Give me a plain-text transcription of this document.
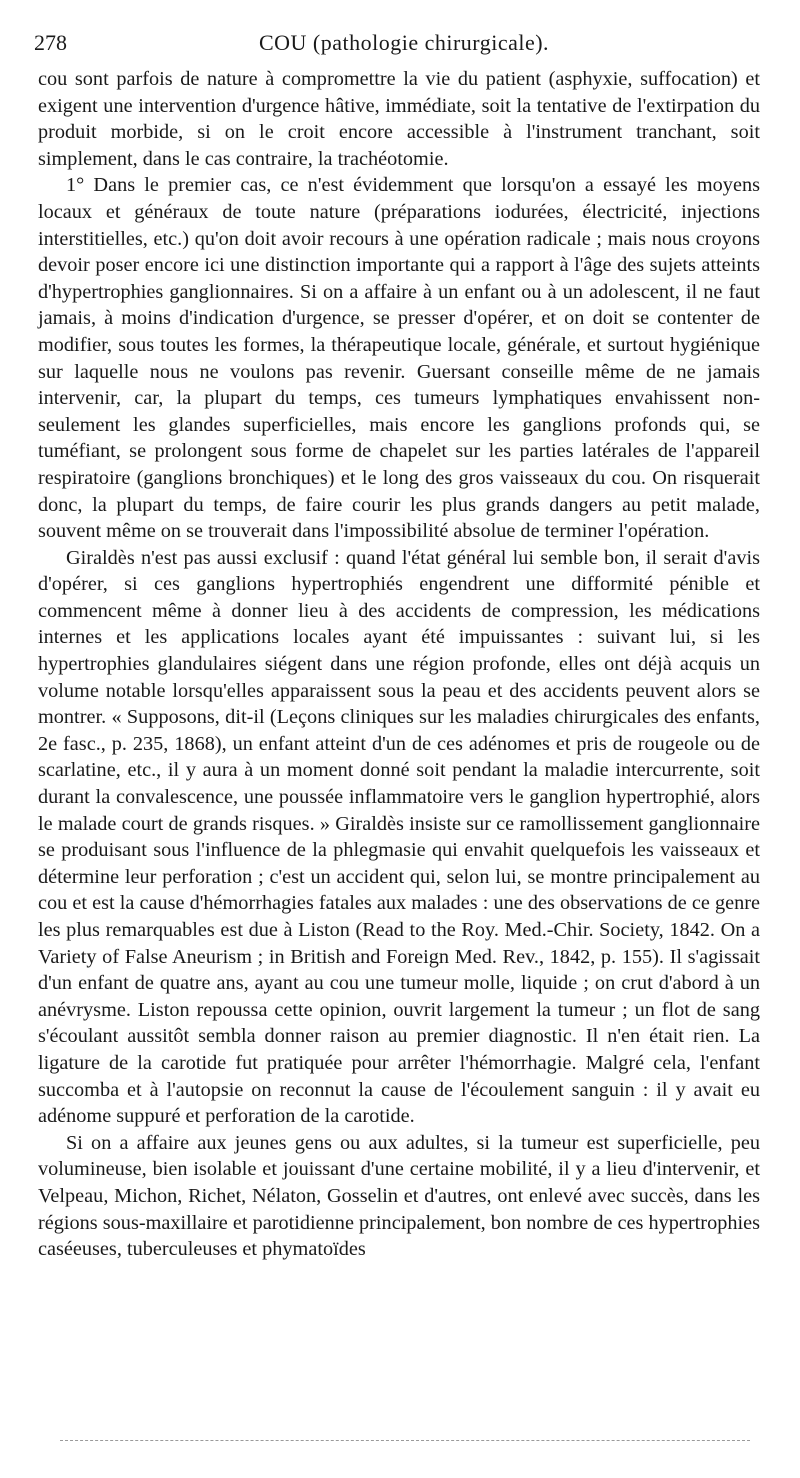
278	COU (pathologie chirurgicale).

cou sont parfois de nature à compromettre la vie du patient (asphyxie, suffocation) et exigent une intervention d'urgence hâtive, immédiate, soit la tentative de l'extirpation du produit morbide, si on le croit encore accessible à l'instrument tranchant, soit simplement, dans le cas contraire, la trachéotomie.

1° Dans le premier cas, ce n'est évidemment que lorsqu'on a essayé les moyens locaux et généraux de toute nature (préparations iodurées, électricité, injections interstitielles, etc.) qu'on doit avoir recours à une opération radicale ; mais nous croyons devoir poser encore ici une distinction importante qui a rapport à l'âge des sujets atteints d'hypertrophies ganglionnaires. Si on a affaire à un enfant ou à un adolescent, il ne faut jamais, à moins d'indication d'urgence, se presser d'opérer, et on doit se contenter de modifier, sous toutes les formes, la thérapeutique locale, générale, et surtout hygiénique sur laquelle nous ne voulons pas revenir. Guersant conseille même de ne jamais intervenir, car, la plupart du temps, ces tumeurs lymphatiques envahissent non-seulement les glandes superficielles, mais encore les ganglions profonds qui, se tuméfiant, se prolongent sous forme de chapelet sur les parties latérales de l'appareil respiratoire (ganglions bronchiques) et le long des gros vaisseaux du cou. On risquerait donc, la plupart du temps, de faire courir les plus grands dangers au petit malade, souvent même on se trouverait dans l'impossibilité absolue de terminer l'opération.

Giraldès n'est pas aussi exclusif : quand l'état général lui semble bon, il serait d'avis d'opérer, si ces ganglions hypertrophiés engendrent une difformité pénible et commencent même à donner lieu à des accidents de compression, les médications internes et les applications locales ayant été impuissantes : suivant lui, si les hypertrophies glandulaires siégent dans une région profonde, elles ont déjà acquis un volume notable lorsqu'elles apparaissent sous la peau et des accidents peuvent alors se montrer. « Supposons, dit-il (Leçons cliniques sur les maladies chirurgicales des enfants, 2e fasc., p. 235, 1868), un enfant atteint d'un de ces adénomes et pris de rougeole ou de scarlatine, etc., il y aura à un moment donné soit pendant la maladie intercurrente, soit durant la convalescence, une poussée inflammatoire vers le ganglion hypertrophié, alors le malade court de grands risques. » Giraldès insiste sur ce ramollissement ganglionnaire se produisant sous l'influence de la phlegmasie qui envahit quelquefois les vaisseaux et détermine leur perforation ; c'est un accident qui, selon lui, se montre principalement au cou et est la cause d'hémorrhagies fatales aux malades : une des observations de ce genre les plus remarquables est due à Liston (Read to the Roy. Med.-Chir. Society, 1842. On a Variety of False Aneurism ; in British and Foreign Med. Rev., 1842, p. 155). Il s'agissait d'un enfant de quatre ans, ayant au cou une tumeur molle, liquide ; on crut d'abord à un anévrysme. Liston repoussa cette opinion, ouvrit largement la tumeur ; un flot de sang s'écoulant aussitôt sembla donner raison au premier diagnostic. Il n'en était rien. La ligature de la carotide fut pratiquée pour arrêter l'hémorrhagie. Malgré cela, l'enfant succomba et à l'autopsie on reconnut la cause de l'écoulement sanguin : il y avait eu adénome suppuré et perforation de la carotide.

Si on a affaire aux jeunes gens ou aux adultes, si la tumeur est superficielle, peu volumineuse, bien isolable et jouissant d'une certaine mobilité, il y a lieu d'intervenir, et Velpeau, Michon, Richet, Nélaton, Gosselin et d'autres, ont enlevé avec succès, dans les régions sous-maxillaire et parotidienne principalement, bon nombre de ces hypertrophies caséeuses, tuberculeuses et phymatoïdes
